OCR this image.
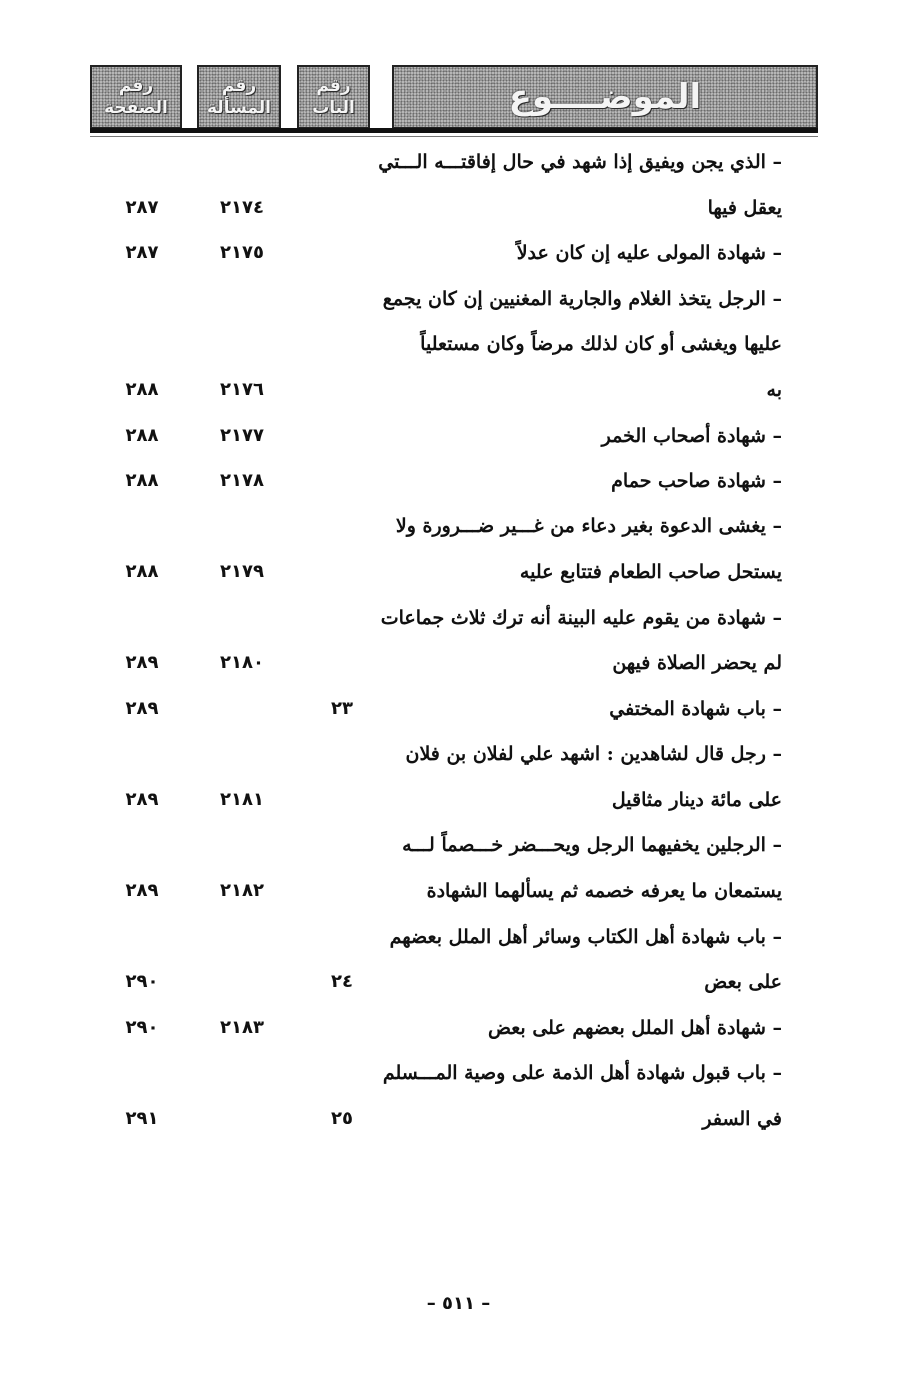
الموضــــوع
رقم
الباب
رقم
المسألة
رقم
الصفحة
– الذي يجن ويفيق إذا شهد في حال إفاقتـــه الـــتي
يعقل فيها
٢١٧٤
٢٨٧
– شهادة المولى عليه إن كان عدلاً
٢١٧٥
٢٨٧
– الرجل يتخذ الغلام والجارية المغنيين إن كان يجمع
عليها ويغشى أو كان لذلك مرضاً وكان مستعلياً
به
٢١٧٦
٢٨٨
– شهادة أصحاب الخمر
٢١٧٧
٢٨٨
– شهادة صاحب حمام
٢١٧٨
٢٨٨
– يغشى الدعوة بغير دعاء من غـــير ضـــرورة ولا
يستحل صاحب الطعام فتتابع عليه
٢١٧٩
٢٨٨
– شهادة من يقوم عليه البينة أنه ترك ثلاث جماعات
لم يحضر الصلاة فيهن
٢١٨٠
٢٨٩
– باب شهادة المختفي
٢٣
٢٨٩
– رجل قال لشاهدين : اشهد علي لفلان بن فلان
على مائة دينار مثاقيل
٢١٨١
٢٨٩
– الرجلين يخفيهما الرجل ويحـــضر خـــصماً لـــه
يستمعان ما يعرفه خصمه ثم يسألهما الشهادة
٢١٨٢
٢٨٩
– باب شهادة أهل الكتاب وسائر أهل الملل بعضهم
على بعض
٢٤
٢٩٠
– شهادة أهل الملل بعضهم على بعض
٢١٨٣
٢٩٠
– باب قبول شهادة أهل الذمة على وصية المـــسلم
في السفر
٢٥
٢٩١
– ٥١١ –
